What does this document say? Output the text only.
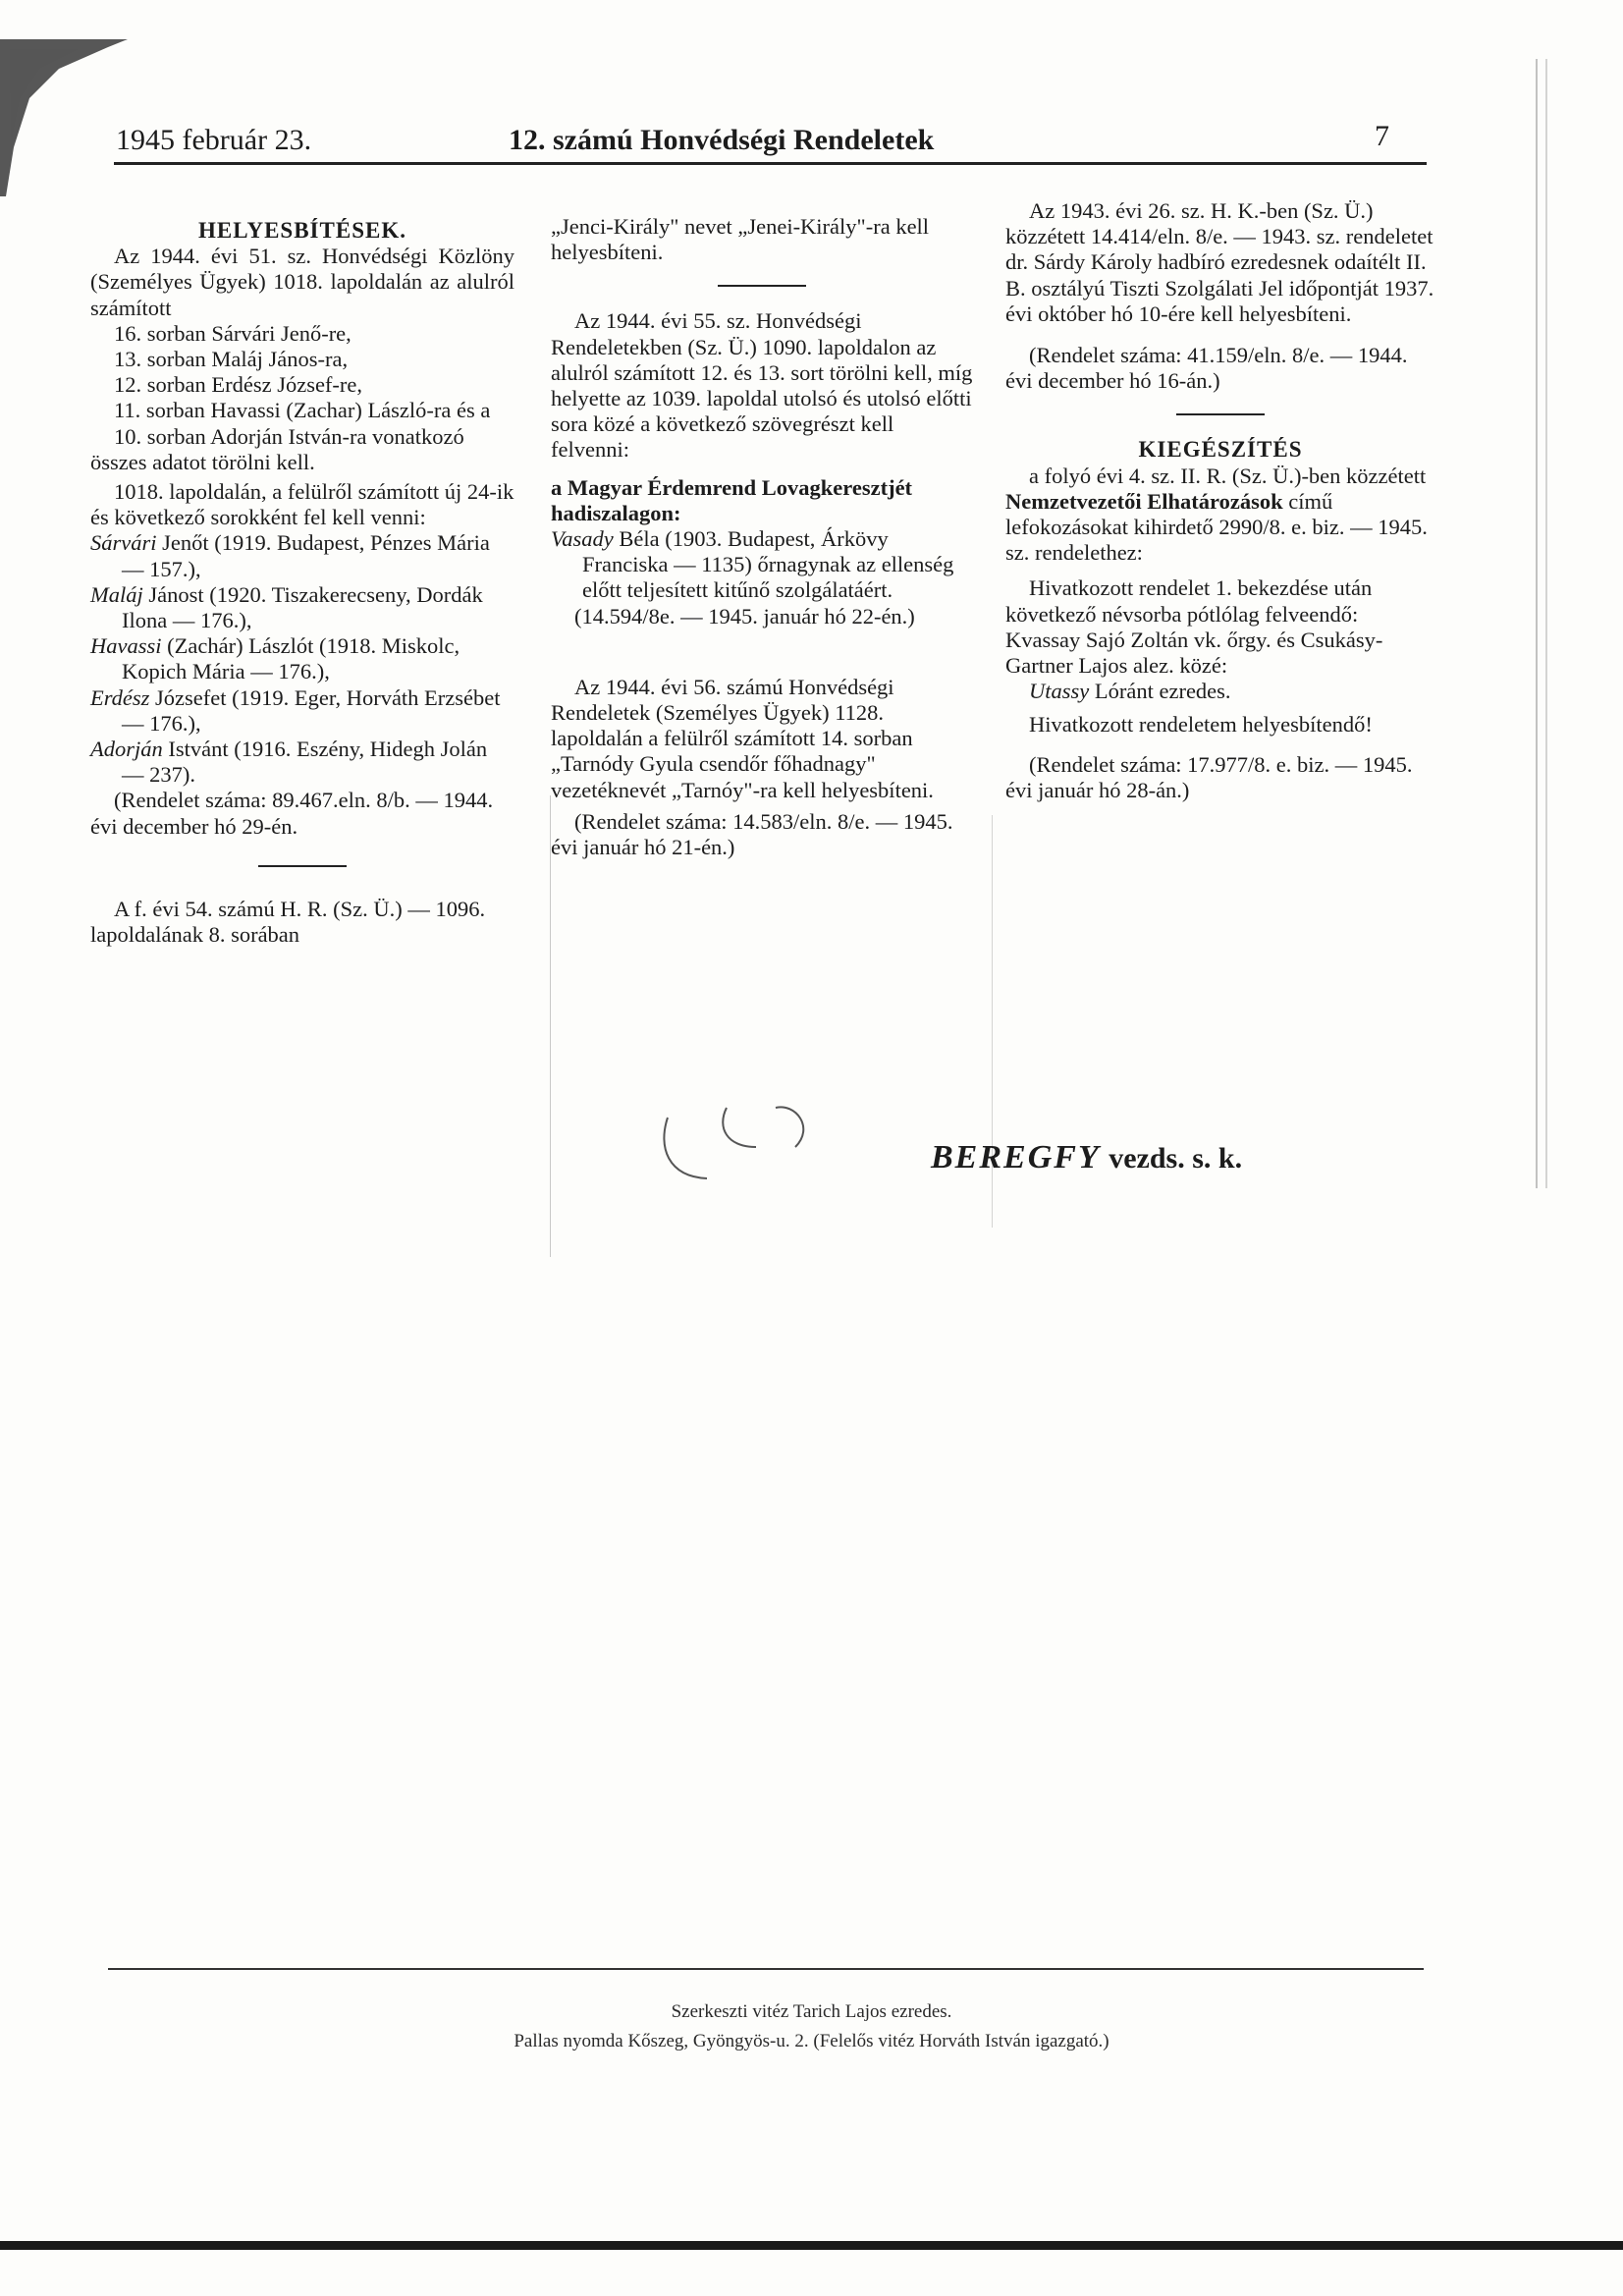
1945 február 23.	12. számú Honvédségi Rendeletek	7

HELYESBÍTÉSEK.

Az 1944. évi 51. sz. Honvédségi Közlöny (Személyes Ügyek) 1018. lapoldalán az alulról számított

16. sorban Sárvári Jenő-re,

13. sorban Maláj János-ra,

12. sorban Erdész József-re,

11. sorban Havassi (Zachar) László-ra és a

10. sorban Adorján István-ra vonatkozó összes adatot törölni kell.

1018. lapoldalán, a felülről számított új 24-ik és következő sorokként fel kell venni:

Sárvári Jenőt (1919. Budapest, Pénzes Mária — 157.),

Maláj Jánost (1920. Tiszakerecseny, Dordák Ilona — 176.),

Havassi (Zachár) Lászlót (1918. Miskolc, Kopich Mária — 176.),

Erdész Józsefet (1919. Eger, Horváth Erzsébet — 176.),

Adorján Istvánt (1916. Eszény, Hidegh Jolán — 237).

(Rendelet száma: 89.467.eln. 8/b. — 1944. évi december hó 29-én.

A f. évi 54. számú H. R. (Sz. Ü.) — 1096. lapoldalának 8. sorában

„Jenci-Király" nevet „Jenei-Király"-ra kell helyesbíteni.

Az 1944. évi 55. sz. Honvédségi Rendeletekben (Sz. Ü.) 1090. lapoldalon az alulról számított 12. és 13. sort törölni kell, míg helyette az 1039. lapoldal utolsó és utolsó előtti sora közé a következő szövegrészt kell felvenni:

a Magyar Érdemrend Lovagkeresztjét hadiszalagon:

Vasady Béla (1903. Budapest, Árkövy Franciska — 1135) őrnagynak az ellenség előtt teljesített kitűnő szolgálatáért.

(14.594/8e. — 1945. január hó 22-én.)

Az 1944. évi 56. számú Honvédségi Rendeletek (Személyes Ügyek) 1128. lapoldalán a felülről számított 14. sorban „Tarnódy Gyula csendőr főhadnagy" vezetéknevét „Tarnóy"-ra kell helyesbíteni.

(Rendelet száma: 14.583/eln. 8/e. — 1945. évi január hó 21-én.)

Az 1943. évi 26. sz. H. K.-ben (Sz. Ü.) közzétett 14.414/eln. 8/e. — 1943. sz. rendeletet dr. Sárdy Károly hadbíró ezredesnek odaítélt II. B. osztályú Tiszti Szolgálati Jel időpontját 1937. évi október hó 10-ére kell helyesbíteni.

(Rendelet száma: 41.159/eln. 8/e. — 1944. évi december hó 16-án.)

KIEGÉSZÍTÉS

a folyó évi 4. sz. II. R. (Sz. Ü.)-ben közzétett Nemzetvezetői Elhatározások című lefokozásokat kihirdető 2990/8. e. biz. — 1945. sz. rendelethez:

Hivatkozott rendelet 1. bekezdése után következő névsorba pótlólag felveendő: Kvassay Sajó Zoltán vk. őrgy. és Csukásy-Gartner Lajos alez. közé:

Utassy Lóránt ezredes.

Hivatkozott rendeletem helyesbítendő!

(Rendelet száma: 17.977/8. e. biz. — 1945. évi január hó 28-án.)

BEREGFY vezds. s. k.
Szerkeszti vitéz Tarich Lajos ezredes.
Pallas nyomda Kőszeg, Gyöngyös-u. 2. (Felelős vitéz Horváth István igazgató.)
